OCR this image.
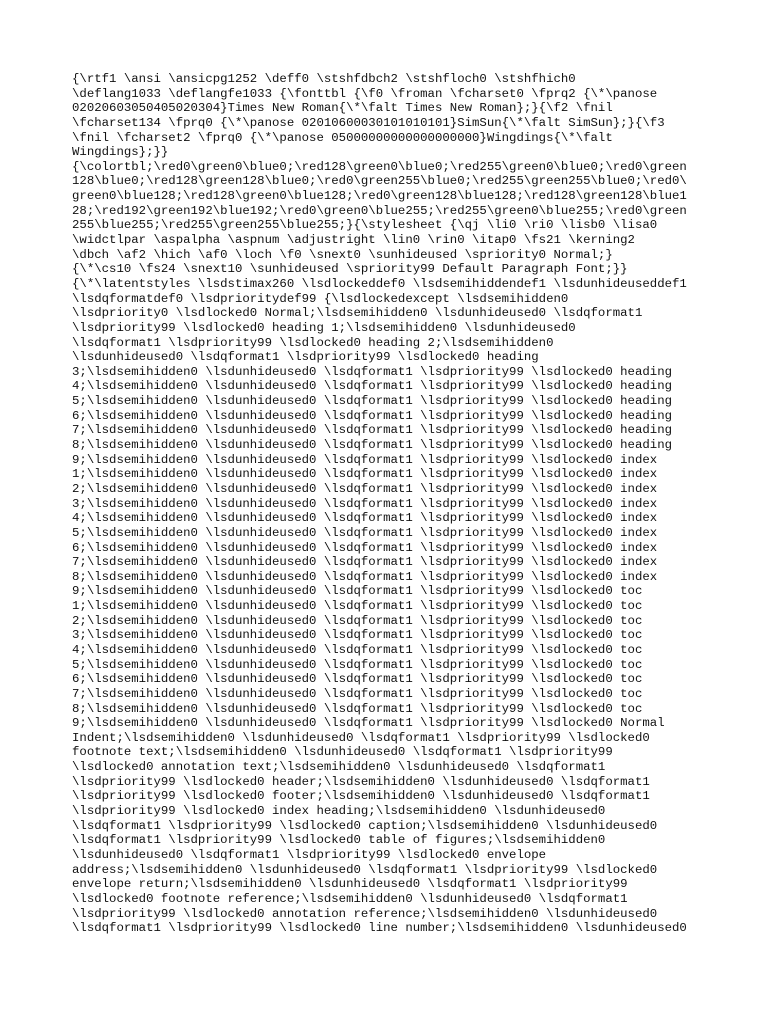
{\rtf1 \ansi \ansicpg1252 \deff0 \stshfdbch2 \stshfloch0 \stshfhich0
\deflang1033 \deflangfe1033 {\fonttbl {\f0 \froman \fcharset0 \fprq2 {\*\panose
02020603050405020304}Times New Roman{\*\falt Times New Roman};}{\f2 \fnil
\fcharset134 \fprq0 {\*\panose 02010600030101010101}SimSun{\*\falt SimSun};}{\f3
\fnil \fcharset2 \fprq0 {\*\panose 05000000000000000000}Wingdings{\*\falt
Wingdings};}}
{\colortbl;\red0\green0\blue0;\red128\green0\blue0;\red255\green0\blue0;\red0\green
128\blue0;\red128\green128\blue0;\red0\green255\blue0;\red255\green255\blue0;\red0\
green0\blue128;\red128\green0\blue128;\red0\green128\blue128;\red128\green128\blue1
28;\red192\green192\blue192;\red0\green0\blue255;\red255\green0\blue255;\red0\green
255\blue255;\red255\green255\blue255;}{\stylesheet {\qj \li0 \ri0 \lisb0 \lisa0
\widctlpar \aspalpha \aspnum \adjustright \lin0 \rin0 \itap0 \fs21 \kerning2
\dbch \af2 \hich \af0 \loch \f0 \snext0 \sunhideused \spriority0 Normal;}
{\*\cs10 \fs24 \snext10 \sunhideused \spriority99 Default Paragraph Font;}}
{\*\latentstyles \lsdstimax260 \lsdlockeddef0 \lsdsemihiddendef1 \lsdunhideuseddef1
\lsdqformatdef0 \lsdprioritydef99 {\lsdlockedexcept \lsdsemihidden0
\lsdpriority0 \lsdlocked0 Normal;\lsdsemihidden0 \lsdunhideused0 \lsdqformat1
\lsdpriority99 \lsdlocked0 heading 1;\lsdsemihidden0 \lsdunhideused0
\lsdqformat1 \lsdpriority99 \lsdlocked0 heading 2;\lsdsemihidden0
\lsdunhideused0 \lsdqformat1 \lsdpriority99 \lsdlocked0 heading
3;\lsdsemihidden0 \lsdunhideused0 \lsdqformat1 \lsdpriority99 \lsdlocked0 heading
4;\lsdsemihidden0 \lsdunhideused0 \lsdqformat1 \lsdpriority99 \lsdlocked0 heading
5;\lsdsemihidden0 \lsdunhideused0 \lsdqformat1 \lsdpriority99 \lsdlocked0 heading
6;\lsdsemihidden0 \lsdunhideused0 \lsdqformat1 \lsdpriority99 \lsdlocked0 heading
7;\lsdsemihidden0 \lsdunhideused0 \lsdqformat1 \lsdpriority99 \lsdlocked0 heading
8;\lsdsemihidden0 \lsdunhideused0 \lsdqformat1 \lsdpriority99 \lsdlocked0 heading
9;\lsdsemihidden0 \lsdunhideused0 \lsdqformat1 \lsdpriority99 \lsdlocked0 index
1;\lsdsemihidden0 \lsdunhideused0 \lsdqformat1 \lsdpriority99 \lsdlocked0 index
2;\lsdsemihidden0 \lsdunhideused0 \lsdqformat1 \lsdpriority99 \lsdlocked0 index
3;\lsdsemihidden0 \lsdunhideused0 \lsdqformat1 \lsdpriority99 \lsdlocked0 index
4;\lsdsemihidden0 \lsdunhideused0 \lsdqformat1 \lsdpriority99 \lsdlocked0 index
5;\lsdsemihidden0 \lsdunhideused0 \lsdqformat1 \lsdpriority99 \lsdlocked0 index
6;\lsdsemihidden0 \lsdunhideused0 \lsdqformat1 \lsdpriority99 \lsdlocked0 index
7;\lsdsemihidden0 \lsdunhideused0 \lsdqformat1 \lsdpriority99 \lsdlocked0 index
8;\lsdsemihidden0 \lsdunhideused0 \lsdqformat1 \lsdpriority99 \lsdlocked0 index
9;\lsdsemihidden0 \lsdunhideused0 \lsdqformat1 \lsdpriority99 \lsdlocked0 toc
1;\lsdsemihidden0 \lsdunhideused0 \lsdqformat1 \lsdpriority99 \lsdlocked0 toc
2;\lsdsemihidden0 \lsdunhideused0 \lsdqformat1 \lsdpriority99 \lsdlocked0 toc
3;\lsdsemihidden0 \lsdunhideused0 \lsdqformat1 \lsdpriority99 \lsdlocked0 toc
4;\lsdsemihidden0 \lsdunhideused0 \lsdqformat1 \lsdpriority99 \lsdlocked0 toc
5;\lsdsemihidden0 \lsdunhideused0 \lsdqformat1 \lsdpriority99 \lsdlocked0 toc
6;\lsdsemihidden0 \lsdunhideused0 \lsdqformat1 \lsdpriority99 \lsdlocked0 toc
7;\lsdsemihidden0 \lsdunhideused0 \lsdqformat1 \lsdpriority99 \lsdlocked0 toc
8;\lsdsemihidden0 \lsdunhideused0 \lsdqformat1 \lsdpriority99 \lsdlocked0 toc
9;\lsdsemihidden0 \lsdunhideused0 \lsdqformat1 \lsdpriority99 \lsdlocked0 Normal
Indent;\lsdsemihidden0 \lsdunhideused0 \lsdqformat1 \lsdpriority99 \lsdlocked0
footnote text;\lsdsemihidden0 \lsdunhideused0 \lsdqformat1 \lsdpriority99
\lsdlocked0 annotation text;\lsdsemihidden0 \lsdunhideused0 \lsdqformat1
\lsdpriority99 \lsdlocked0 header;\lsdsemihidden0 \lsdunhideused0 \lsdqformat1
\lsdpriority99 \lsdlocked0 footer;\lsdsemihidden0 \lsdunhideused0 \lsdqformat1
\lsdpriority99 \lsdlocked0 index heading;\lsdsemihidden0 \lsdunhideused0
\lsdqformat1 \lsdpriority99 \lsdlocked0 caption;\lsdsemihidden0 \lsdunhideused0
\lsdqformat1 \lsdpriority99 \lsdlocked0 table of figures;\lsdsemihidden0
\lsdunhideused0 \lsdqformat1 \lsdpriority99 \lsdlocked0 envelope
address;\lsdsemihidden0 \lsdunhideused0 \lsdqformat1 \lsdpriority99 \lsdlocked0
envelope return;\lsdsemihidden0 \lsdunhideused0 \lsdqformat1 \lsdpriority99
\lsdlocked0 footnote reference;\lsdsemihidden0 \lsdunhideused0 \lsdqformat1
\lsdpriority99 \lsdlocked0 annotation reference;\lsdsemihidden0 \lsdunhideused0
\lsdqformat1 \lsdpriority99 \lsdlocked0 line number;\lsdsemihidden0 \lsdunhideused0
